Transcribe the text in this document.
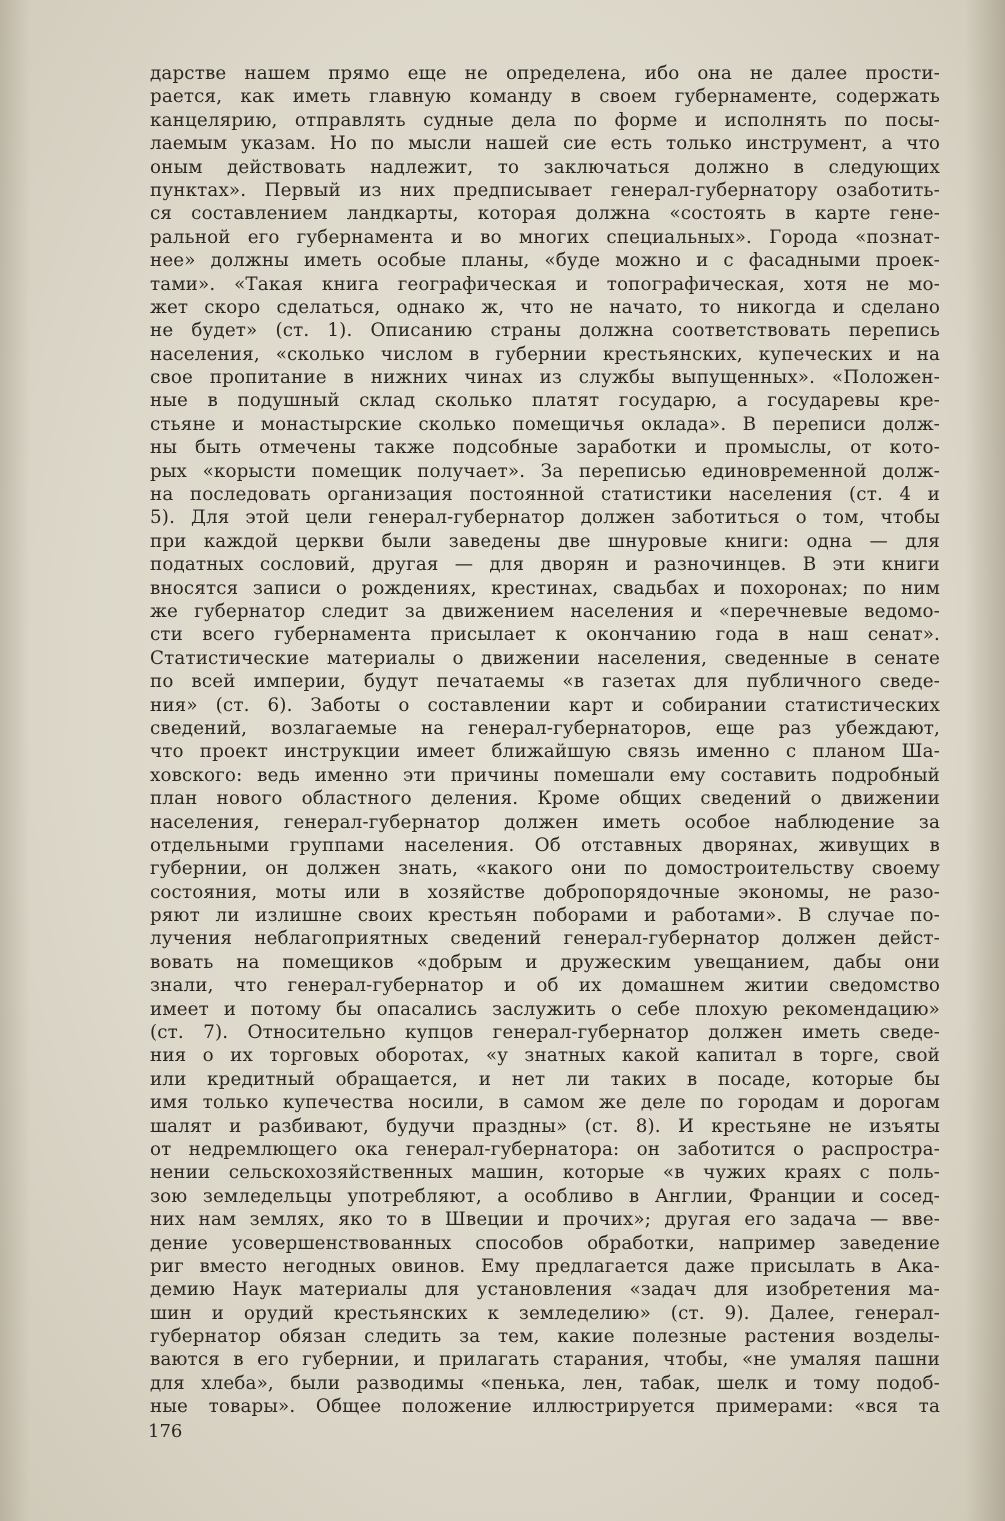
дарстве нашем прямо еще не определена, ибо она не далее прости-
рается, как иметь главную команду в своем губернаменте, содержать
канцелярию, отправлять судные дела по форме и исполнять по посы-
лаемым указам. Но по мысли нашей сие есть только инструмент, а что
оным действовать надлежит, то заключаться должно в следующих
пунктах». Первый из них предписывает генерал-губернатору озаботить-
ся составлением ландкарты, которая должна «состоять в карте гене-
ральной его губернамента и во многих специальных». Города «познат-
нее» должны иметь особые планы, «буде можно и с фасадными проек-
тами». «Такая книга географическая и топографическая, хотя не мо-
жет скоро сделаться, однако ж, что не начато, то никогда и сделано
не будет» (ст. 1). Описанию страны должна соответствовать перепись
населения, «сколько числом в губернии крестьянских, купеческих и на
свое пропитание в нижних чинах из службы выпущенных». «Положен-
ные в подушный склад сколько платят государю, а государевы кре-
стьяне и монастырские сколько помещичья оклада». В переписи долж-
ны быть отмечены также подсобные заработки и промыслы, от кото-
рых «корысти помещик получает». За переписью единовременной долж-
на последовать организация постоянной статистики населения (ст. 4 и
5). Для этой цели генерал-губернатор должен заботиться о том, чтобы
при каждой церкви были заведены две шнуровые книги: одна — для
податных сословий, другая — для дворян и разночинцев. В эти книги
вносятся записи о рождениях, крестинах, свадьбах и похоронах; по ним
же губернатор следит за движением населения и «перечневые ведомо-
сти всего губернамента присылает к окончанию года в наш сенат».
Статистические материалы о движении населения, сведенные в сенате
по всей империи, будут печатаемы «в газетах для публичного сведе-
ния» (ст. 6). Заботы о составлении карт и собирании статистических
сведений, возлагаемые на генерал-губернаторов, еще раз убеждают,
что проект инструкции имеет ближайшую связь именно с планом Ша-
ховского: ведь именно эти причины помешали ему составить подробный
план нового областного деления. Кроме общих сведений о движении
населения, генерал-губернатор должен иметь особое наблюдение за
отдельными группами населения. Об отставных дворянах, живущих в
губернии, он должен знать, «какого они по домостроительству своему
состояния, моты или в хозяйстве добропорядочные экономы, не разо-
ряют ли излишне своих крестьян поборами и работами». В случае по-
лучения неблагоприятных сведений генерал-губернатор должен дейст-
вовать на помещиков «добрым и дружеским увещанием, дабы они
знали, что генерал-губернатор и об их домашнем житии сведомство
имеет и потому бы опасались заслужить о себе плохую рекомендацию»
(ст. 7). Относительно купцов генерал-губернатор должен иметь сведе-
ния о их торговых оборотах, «у знатных какой капитал в торге, свой
или кредитный обращается, и нет ли таких в посаде, которые бы
имя только купечества носили, в самом же деле по городам и дорогам
шалят и разбивают, будучи праздны» (ст. 8). И крестьяне не изъяты
от недремлющего ока генерал-губернатора: он заботится о распростра-
нении сельскохозяйственных машин, которые «в чужих краях с поль-
зою земледельцы употребляют, а особливо в Англии, Франции и сосед-
них нам землях, яко то в Швеции и прочих»; другая его задача — вве-
дение усовершенствованных способов обработки, например заведение
риг вместо негодных овинов. Ему предлагается даже присылать в Ака-
демию Наук материалы для установления «задач для изобретения ма-
шин и орудий крестьянских к земледелию» (ст. 9). Далее, генерал-
губернатор обязан следить за тем, какие полезные растения возделы-
ваются в его губернии, и прилагать старания, чтобы, «не умаляя пашни
для хлеба», были разводимы «пенька, лен, табак, шелк и тому подоб-
ные товары». Общее положение иллюстрируется примерами: «вся та
176
